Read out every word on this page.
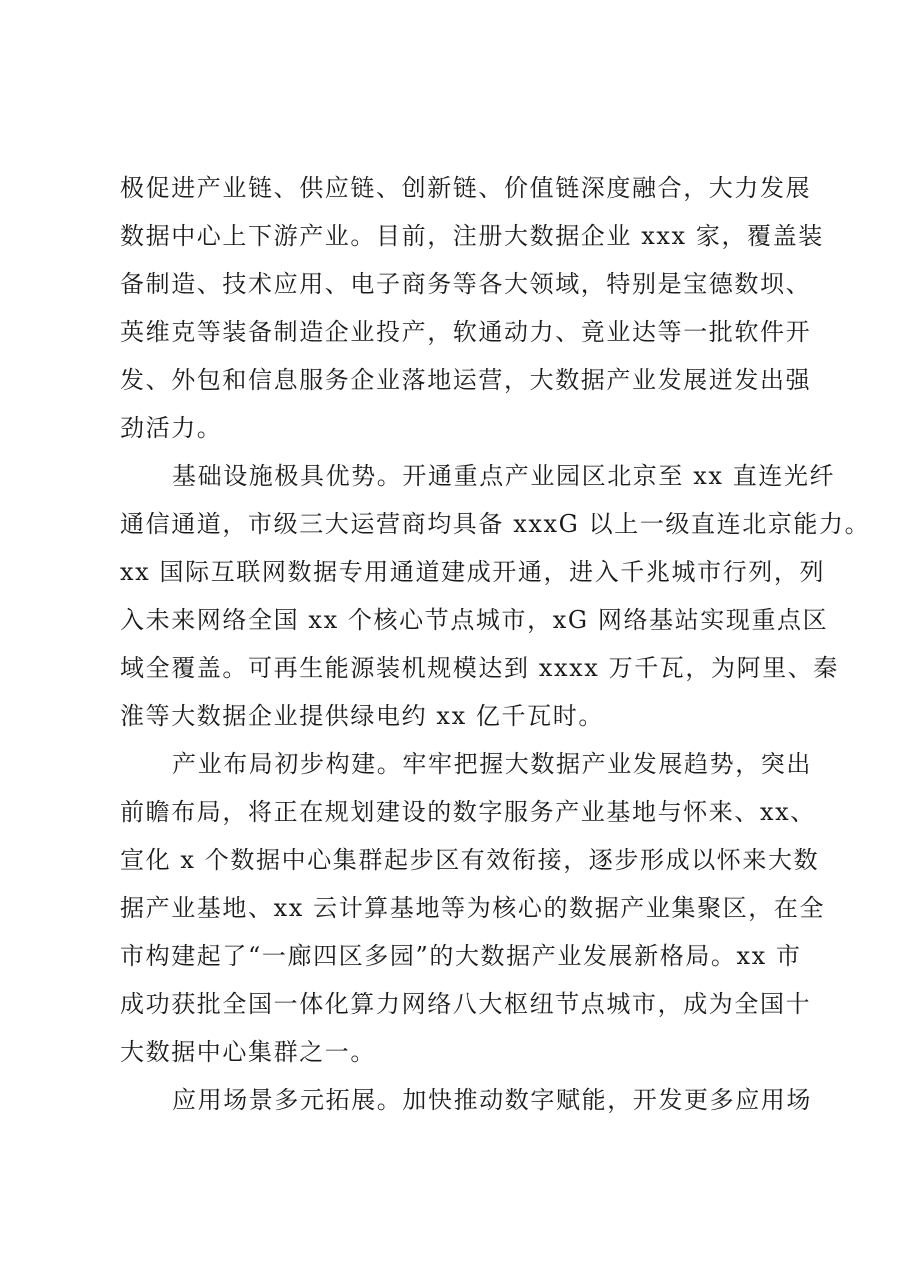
极促进产业链、供应链、创新链、价值链深度融合，大力发展
数据中心上下游产业。目前，注册大数据企业 xxx 家，覆盖装
备制造、技术应用、电子商务等各大领域，特别是宝德数坝、
英维克等装备制造企业投产，软通动力、竟业达等一批软件开
发、外包和信息服务企业落地运营，大数据产业发展迸发出强
劲活力。
基础设施极具优势。开通重点产业园区北京至 xx 直连光纤
通信通道，市级三大运营商均具备 xxxG 以上一级直连北京能力。
xx 国际互联网数据专用通道建成开通，进入千兆城市行列，列
入未来网络全国 xx 个核心节点城市，xG 网络基站实现重点区
域全覆盖。可再生能源装机规模达到 xxxx 万千瓦，为阿里、秦
淮等大数据企业提供绿电约 xx 亿千瓦时。
产业布局初步构建。牢牢把握大数据产业发展趋势，突出
前瞻布局，将正在规划建设的数字服务产业基地与怀来、xx、
宣化 x 个数据中心集群起步区有效衔接，逐步形成以怀来大数
据产业基地、xx 云计算基地等为核心的数据产业集聚区，在全
市构建起了“一廊四区多园”的大数据产业发展新格局。xx 市
成功获批全国一体化算力网络八大枢纽节点城市，成为全国十
大数据中心集群之一。
应用场景多元拓展。加快推动数字赋能，开发更多应用场
